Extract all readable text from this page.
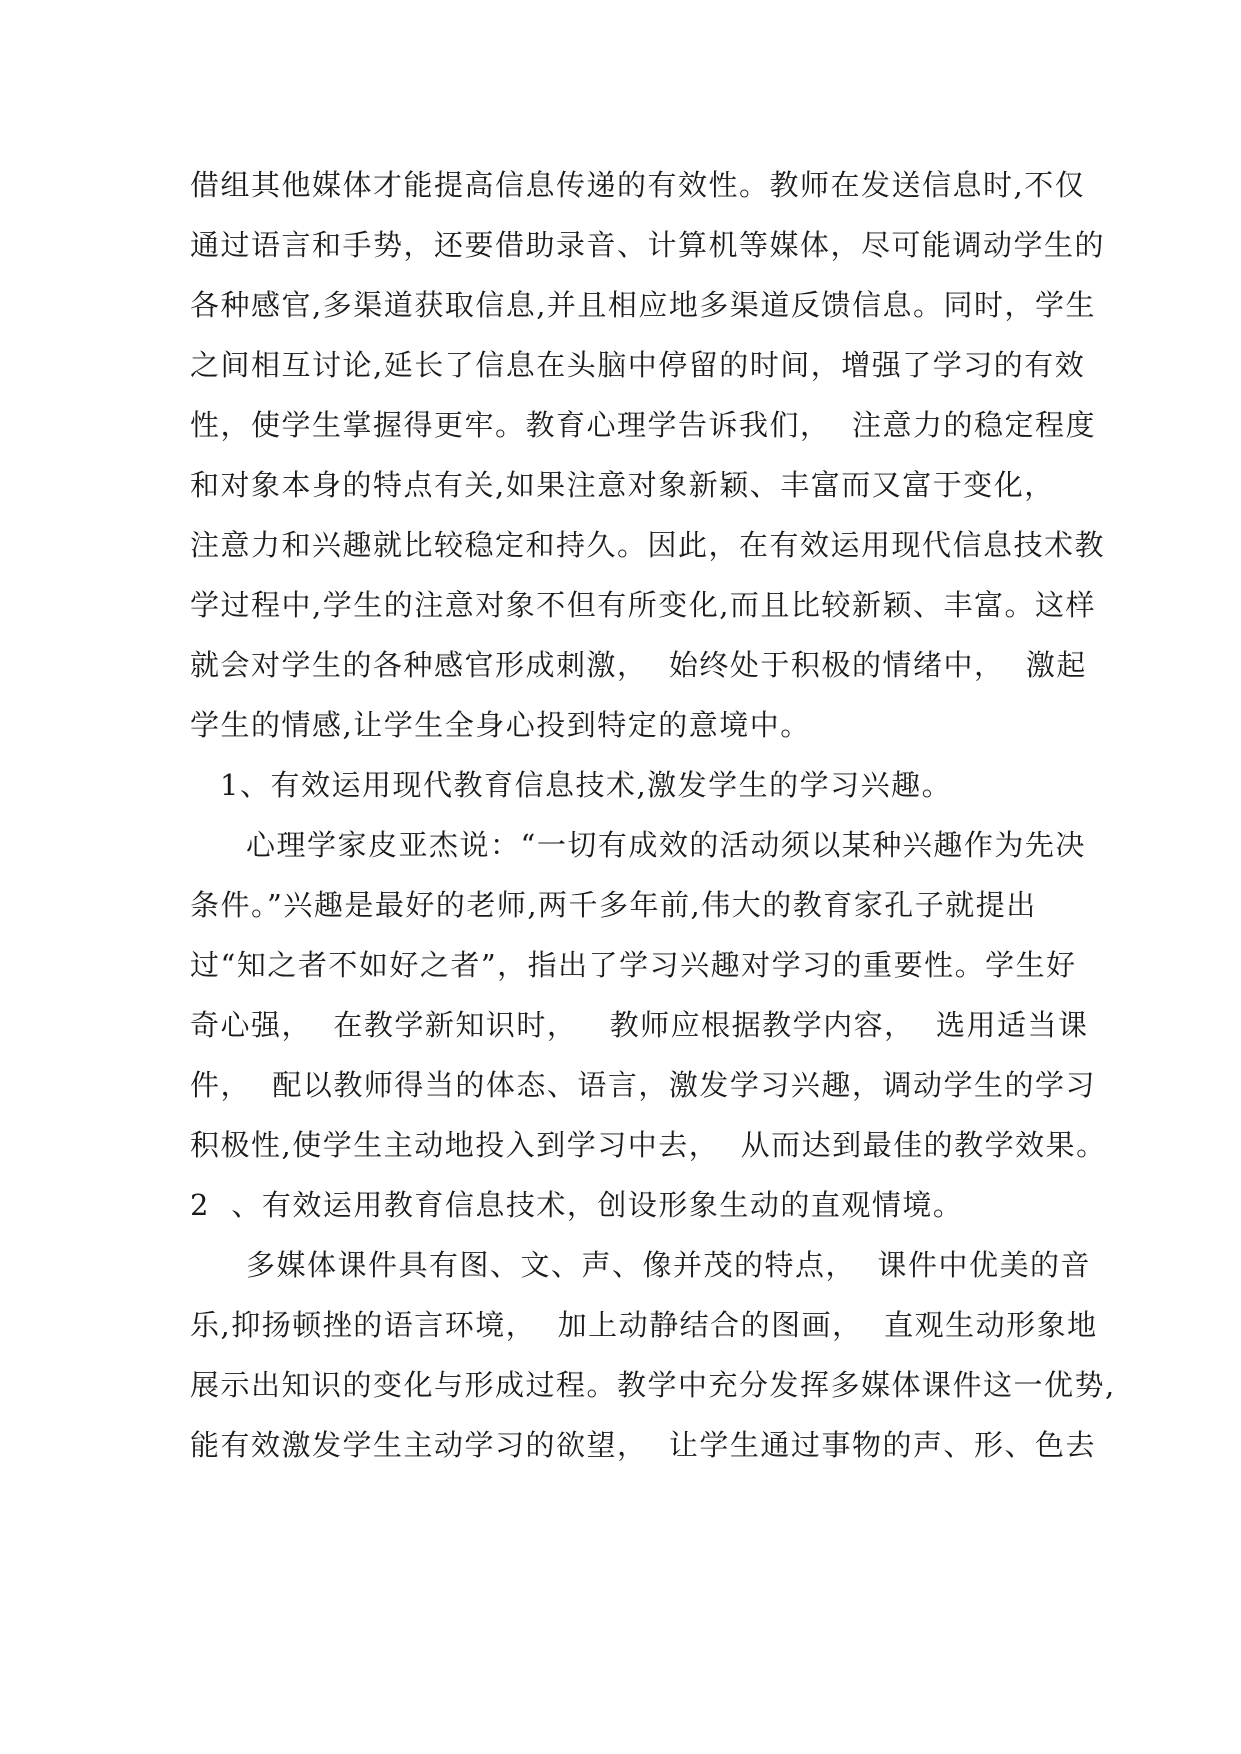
借组其他媒体才能提高信息传递的有效性。教师在发送信息时,不仅
通过语言和手势，还要借助录音、计算机等媒体，尽可能调动学生的
各种感官,多渠道获取信息,并且相应地多渠道反馈信息。同时，学生
之间相互讨论,延长了信息在头脑中停留的时间，增强了学习的有效
性，使学生掌握得更牢。教育心理学告诉我们，  注意力的稳定程度
和对象本身的特点有关,如果注意对象新颖、丰富而又富于变化，
注意力和兴趣就比较稳定和持久。因此，在有效运用现代信息技术教
学过程中,学生的注意对象不但有所变化,而且比较新颖、丰富。这样
就会对学生的各种感官形成刺激，  始终处于积极的情绪中，  激起
学生的情感,让学生全身心投到特定的意境中。
1、有效运用现代教育信息技术,激发学生的学习兴趣。
心理学家皮亚杰说：“一切有成效的活动须以某种兴趣作为先决
条件。”兴趣是最好的老师,两千多年前,伟大的教育家孔子就提出
过“知之者不如好之者”，指出了学习兴趣对学习的重要性。学生好
奇心强，  在教学新知识时，   教师应根据教学内容，  选用适当课
件，  配以教师得当的体态、语言，激发学习兴趣，调动学生的学习
积极性,使学生主动地投入到学习中去，  从而达到最佳的教学效果。
2  、有效运用教育信息技术，创设形象生动的直观情境。
多媒体课件具有图、文、声、像并茂的特点，  课件中优美的音
乐,抑扬顿挫的语言环境，  加上动静结合的图画，  直观生动形象地
展示出知识的变化与形成过程。教学中充分发挥多媒体课件这一优势,
能有效激发学生主动学习的欲望，  让学生通过事物的声、形、色去
